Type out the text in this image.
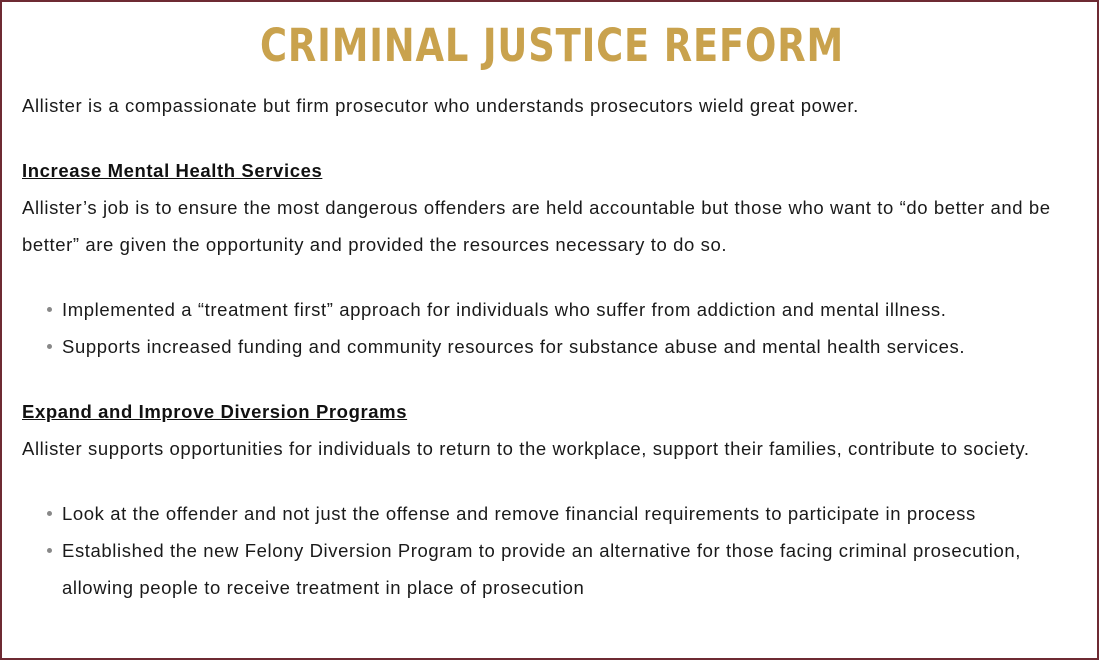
CRIMINAL JUSTICE REFORM

Allister is a compassionate but firm prosecutor who understands prosecutors wield great power.

Increase Mental Health Services

Allister’s job is to ensure the most dangerous offenders are held accountable but those who want to “do better and be better” are given the opportunity and provided the resources necessary to do so.

Implemented a “treatment first” approach for individuals who suffer from addiction and mental illness.
Supports increased funding and community resources for substance abuse and mental health services.

Expand and Improve Diversion Programs

Allister supports opportunities for individuals to return to the workplace, support their families, contribute to society.

Look at the offender and not just the offense and remove financial requirements to participate in process
Established the new Felony Diversion Program to provide an alternative for those facing criminal prosecution, allowing people to receive treatment in place of prosecution
